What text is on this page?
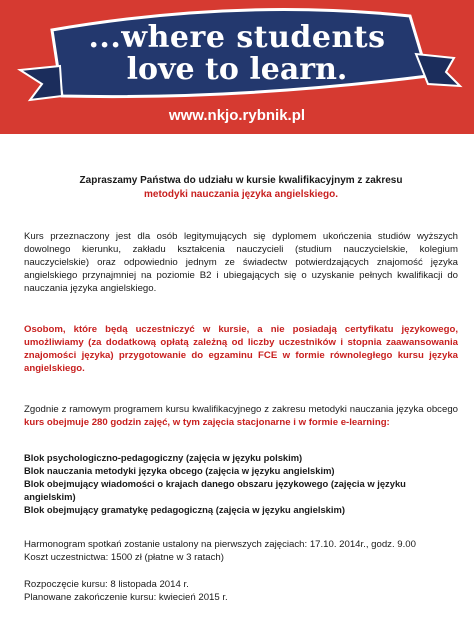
...where students
love to learn.
www.nkjo.rybnik.pl
Zapraszamy Państwa do udziału w kursie kwalifikacyjnym z zakresu
metodyki nauczania języka angielskiego.

Kurs przeznaczony jest dla osób legitymujących się dyplomem ukończenia studiów wyższych dowolnego kierunku, zakładu kształcenia nauczycieli (studium nauczycielskie, kolegium nauczycielskie) oraz odpowiednio jednym ze świadectw potwierdzających znajomość języka angielskiego przynajmniej na poziomie B2 i ubiegających się o uzyskanie pełnych kwalifikacji do nauczania języka angielskiego.

Osobom, które będą uczestniczyć w kursie, a nie posiadają certyfikatu językowego, umożliwiamy (za dodatkową opłatą zależną od liczby uczestników i stopnia zaawansowania znajomości języka) przygotowanie do egzaminu FCE w formie równoległego kursu języka angielskiego.

Zgodnie z ramowym programem kursu kwalifikacyjnego z zakresu metodyki nauczania języka obcego kurs obejmuje 280 godzin zajęć, w tym zajęcia stacjonarne i w formie e-learning:

Blok psychologiczno-pedagogiczny (zajęcia w języku polskim)
Blok nauczania metodyki języka obcego (zajęcia w języku angielskim)
Blok obejmujący wiadomości o krajach danego obszaru językowego (zajęcia w języku angielskim)
Blok obejmujący gramatykę pedagogiczną (zajęcia w języku angielskim)
Harmonogram spotkań zostanie ustalony na pierwszych zajęciach: 17.10. 2014r., godz. 9.00
Koszt uczestnictwa: 1500 zł (płatne w 3 ratach)
Rozpoczęcie kursu: 8 listopada 2014 r.
Planowane zakończenie kursu: kwiecień 2015 r.
